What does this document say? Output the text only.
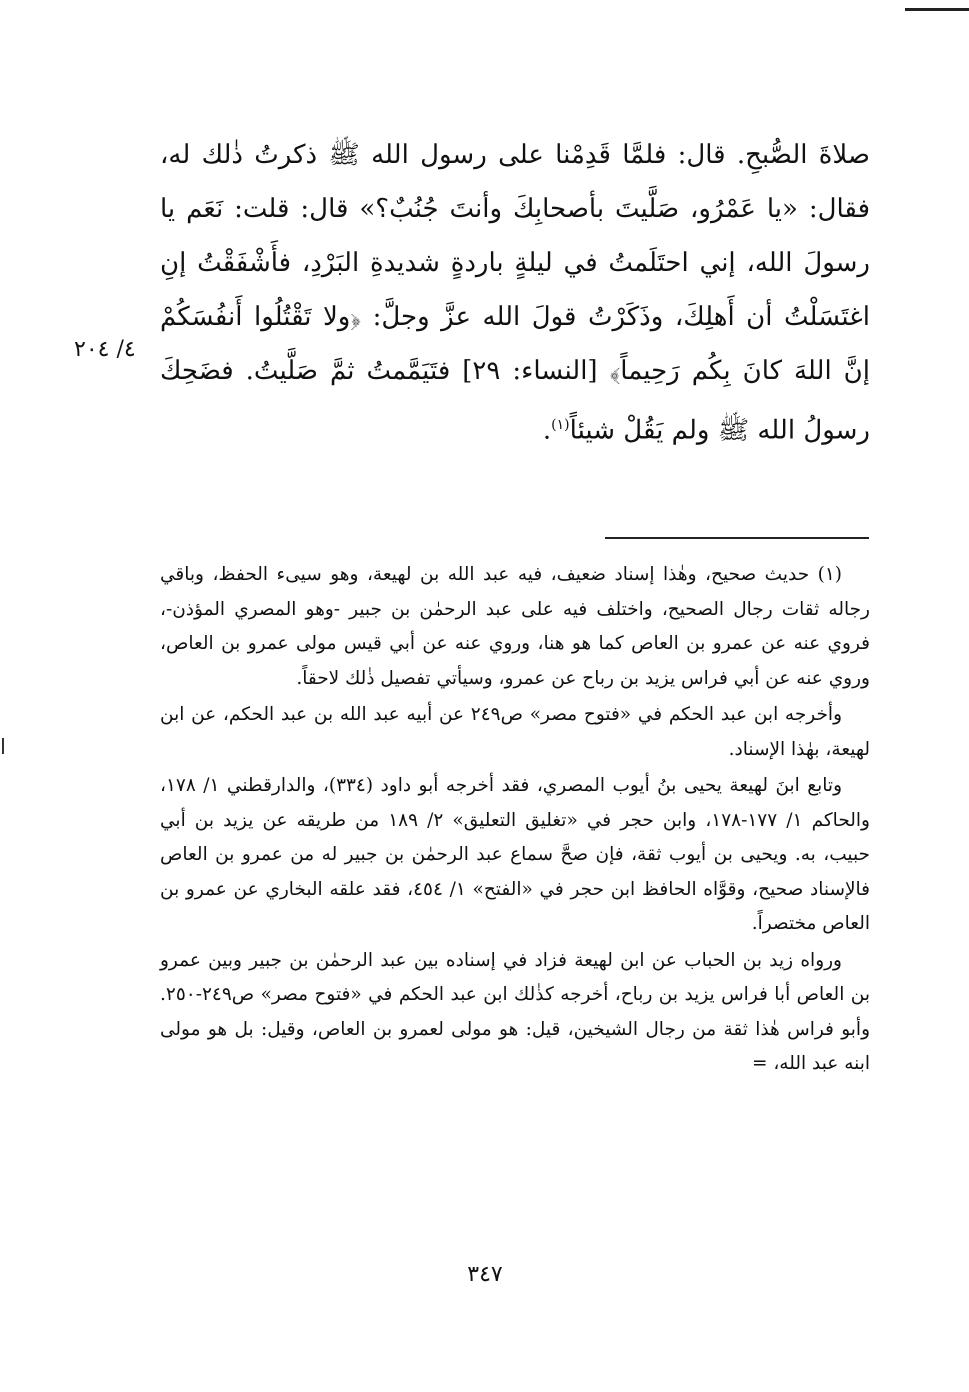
صلاةَ الصُّبحِ. قال: فلمَّا قَدِمْنا على رسول الله ﷺ ذكرتُ ذٰلك له، فقال: «يا عَمْرُو، صَلَّيتَ بأصحابِكَ وأنتَ جُنُبٌ؟» قال: قلت: نَعَم يا رسولَ الله، إني احتَلَمتُ في ليلةٍ باردةٍ شديدةِ البَرْدِ، فأَشْفَقْتُ إنِ اغتَسَلْتُ أن أَهلِكَ، وذَكَرْتُ قولَ الله عزَّ وجلَّ: ﴿ولا تَقْتُلُوا أَنفُسَكُمْ إنَّ اللهَ كانَ بِكُم رَحِيماً﴾ [النساء: ٢٩] فتَيَمَّمتُ ثمَّ صَلَّيتُ. فضَحِكَ رسولُ الله ﷺ ولم يَقُلْ شيئاً$^{(١)}$.

٤/ ٢٠٤

(١) حديث صحيح، وهٰذا إسناد ضعيف، فيه عبد الله بن لهيعة، وهو سيىء الحفظ، وباقي رجاله ثقات رجال الصحيح، واختلف فيه على عبد الرحمٰن بن جبير -وهو المصري المؤذن-، فروي عنه عن عمرو بن العاص كما هو هنا، وروي عنه عن أبي قيس مولى عمرو بن العاص، وروي عنه عن أبي فراس يزيد بن رباح عن عمرو، وسيأتي تفصيل ذٰلك لاحقاً.

وأخرجه ابن عبد الحكم في «فتوح مصر» ص٢٤٩ عن أبيه عبد الله بن عبد الحكم، عن ابن لهيعة، بهٰذا الإسناد.

وتابع ابنَ لهيعة يحيى بنُ أيوب المصري، فقد أخرجه أبو داود (٣٣٤)، والدارقطني ١/ ١٧٨، والحاكم ١/ ١٧٧-١٧٨، وابن حجر في «تغليق التعليق» ٢/ ١٨٩ من طريقه عن يزيد بن أبي حبيب، به. ويحيى بن أيوب ثقة، فإن صحَّ سماع عبد الرحمٰن بن جبير له من عمرو بن العاص فالإسناد صحيح، وقوَّاه الحافظ ابن حجر في «الفتح» ١/ ٤٥٤، فقد علقه البخاري عن عمرو بن العاص مختصراً.

ورواه زيد بن الحباب عن ابن لهيعة فزاد في إسناده بين عبد الرحمٰن بن جبير وبين عمرو بن العاص أبا فراس يزيد بن رباح، أخرجه كذٰلك ابن عبد الحكم في «فتوح مصر» ص٢٤٩-٢٥٠. وأبو فراس هٰذا ثقة من رجال الشيخين، قيل: هو مولى لعمرو بن العاص، وقيل: بل هو مولى ابنه عبد الله، =

٣٤٧
